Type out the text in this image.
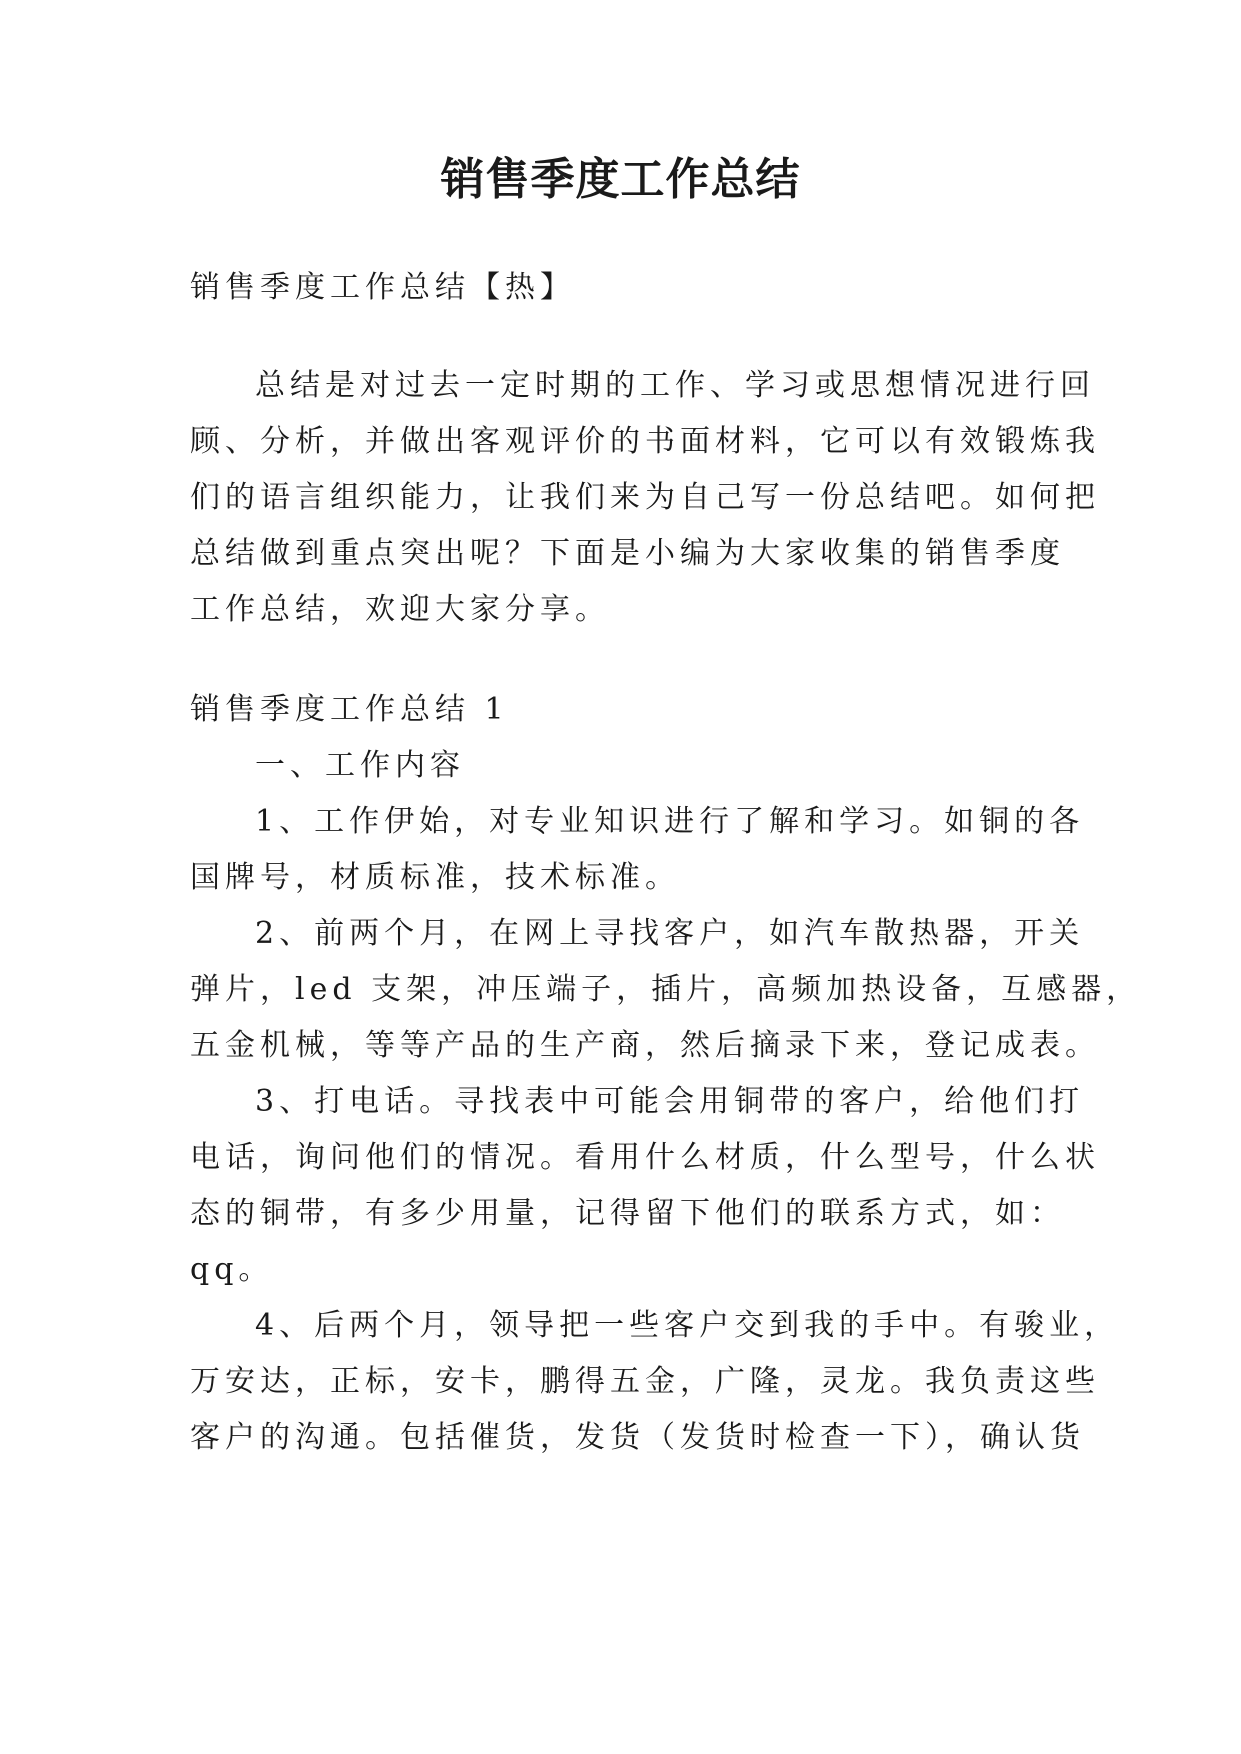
销售季度工作总结

销售季度工作总结【热】

总结是对过去一定时期的工作、学习或思想情况进行回

顾、分析，并做出客观评价的书面材料，它可以有效锻炼我

们的语言组织能力，让我们来为自己写一份总结吧。如何把

总结做到重点突出呢？下面是小编为大家收集的销售季度

工作总结，欢迎大家分享。

销售季度工作总结 1

一、工作内容

1、工作伊始，对专业知识进行了解和学习。如铜的各

国牌号，材质标准，技术标准。

2、前两个月，在网上寻找客户，如汽车散热器，开关

弹片，led 支架，冲压端子，插片，高频加热设备，互感器，

五金机械，等等产品的生产商，然后摘录下来，登记成表。

3、打电话。寻找表中可能会用铜带的客户，给他们打

电话，询问他们的情况。看用什么材质，什么型号，什么状

态的铜带，有多少用量，记得留下他们的联系方式，如：

qq。

4、后两个月，领导把一些客户交到我的手中。有骏业，

万安达，正标，安卡，鹏得五金，广隆，灵龙。我负责这些

客户的沟通。包括催货，发货（发货时检查一下），确认货
